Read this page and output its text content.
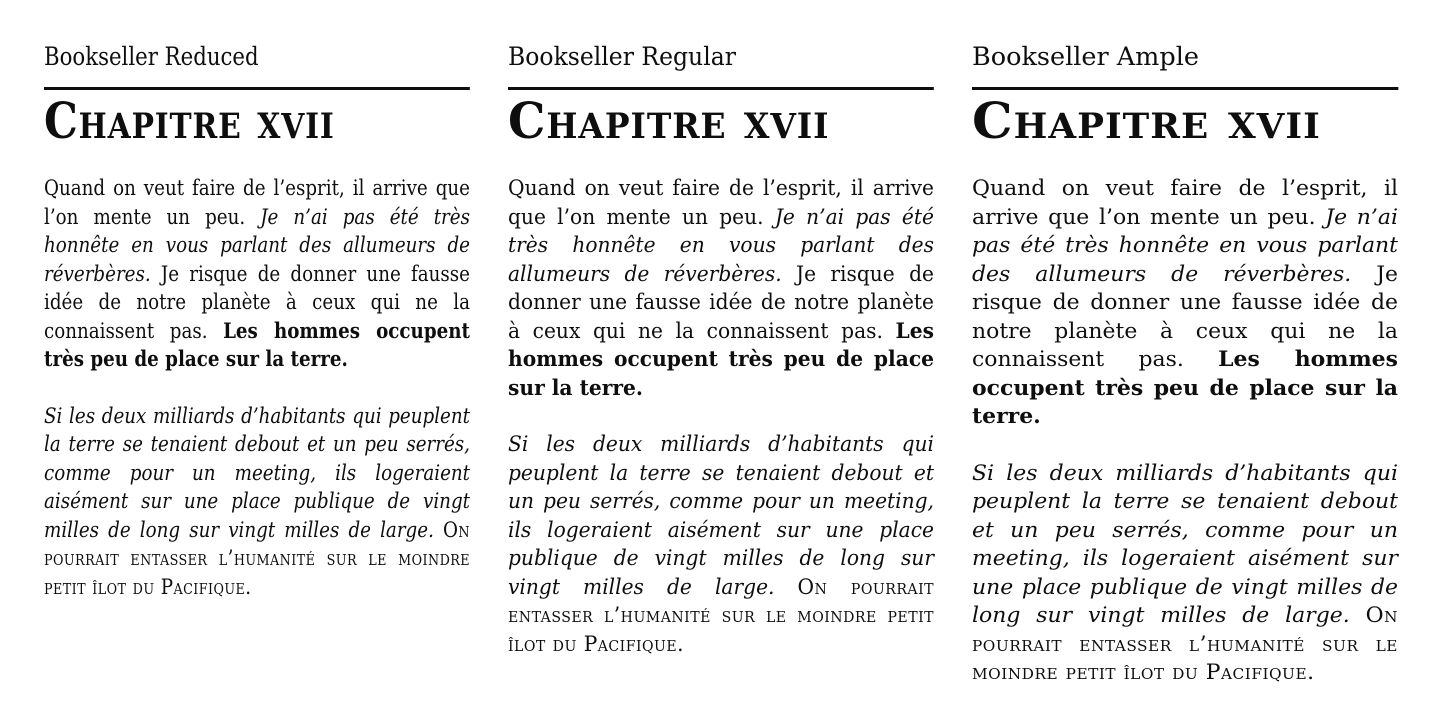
Bookseller Reduced
Chapitre xvii

Quand on veut faire de l’esprit, il arrive que l’on mente un peu. Je n’ai pas été très honnête en vous parlant des allumeurs de réverbères. Je risque de donner une fausse idée de notre planète à ceux qui ne la connaissent pas. Les hommes occupent très peu de place sur la terre.

Si les deux milliards d’habitants qui peuplent la terre se tenaient debout et un peu serrés, comme pour un meeting, ils logeraient aisément sur une place publique de vingt milles de long sur vingt milles de large. On pourrait entasser l’humanité sur le moindre petit îlot du Pacifique.

Bookseller Regular
Chapitre xvii

Quand on veut faire de l’esprit, il arrive que l’on mente un peu. Je n’ai pas été très honnête en vous parlant des allumeurs de réverbères. Je risque de donner une fausse idée de notre planète à ceux qui ne la connaissent pas. Les hommes occupent très peu de place sur la terre.

Si les deux milliards d’habitants qui peuplent la terre se tenaient debout et un peu serrés, comme pour un meeting, ils logeraient aisément sur une place publique de vingt milles de long sur vingt milles de large. On pourrait entasser l’humanité sur le moindre petit îlot du Pacifique.

Bookseller Ample
Chapitre xvii

Quand on veut faire de l’esprit, il arrive que l’on mente un peu. Je n’ai pas été très honnête en vous parlant des allumeurs de réverbères. Je risque de donner une fausse idée de notre planète à ceux qui ne la connaissent pas. Les hommes occupent très peu de place sur la terre.

Si les deux milliards d’habitants qui peuplent la terre se tenaient debout et un peu serrés, comme pour un meeting, ils logeraient aisément sur une place publique de vingt milles de long sur vingt milles de large. On pourrait entasser l’humanité sur le moindre petit îlot du Pacifique.
